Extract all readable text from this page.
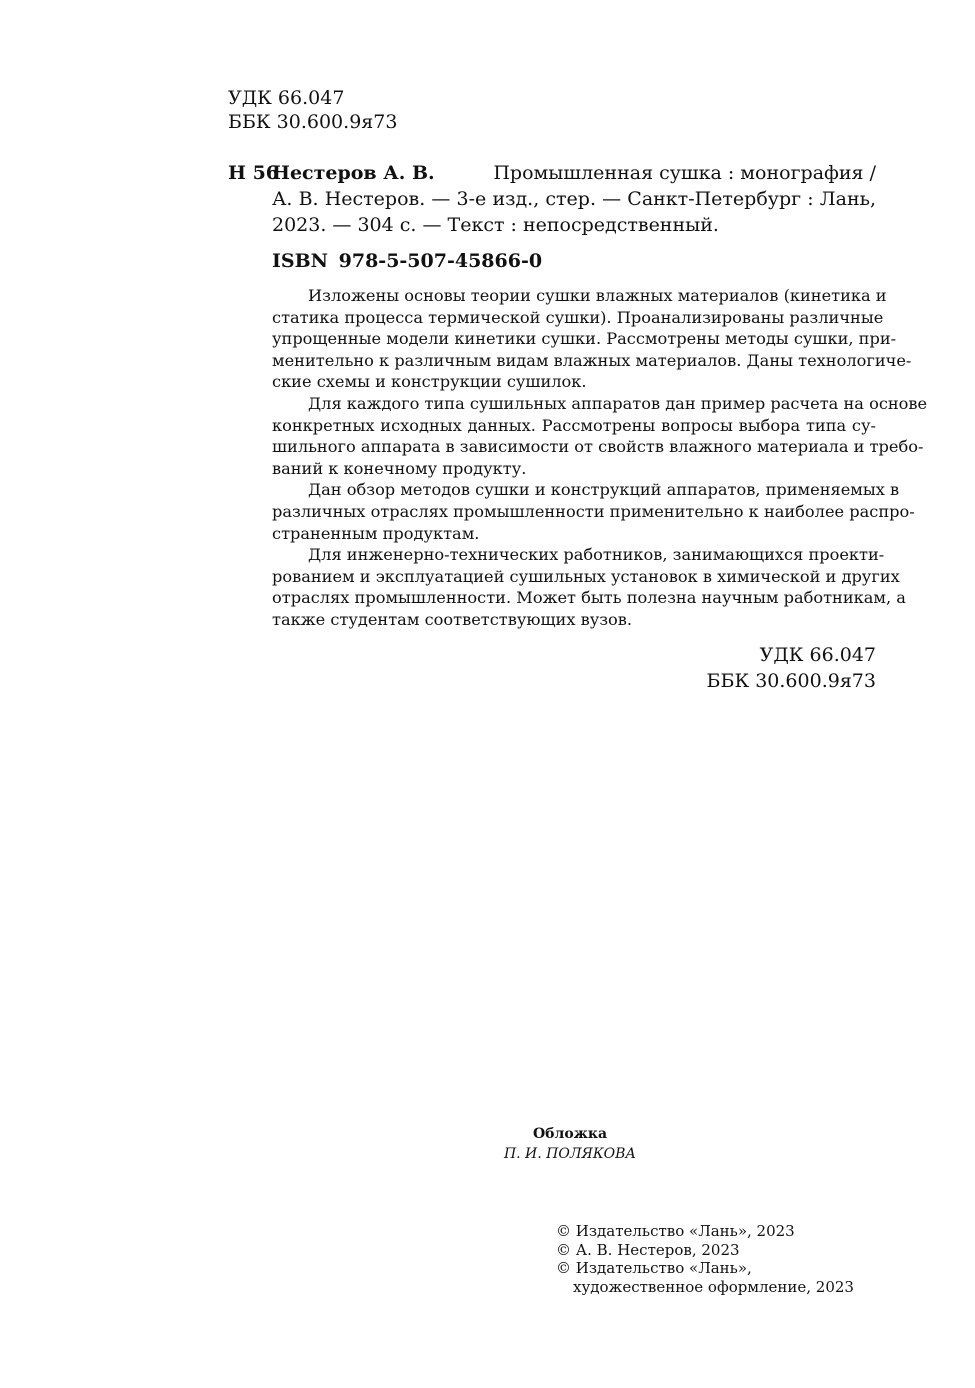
УДК 66.047
ББК 30.600.9я73
Н 56
Нестеров А. В.	Промышленная сушка : монография /
А. В. Нестеров. — 3-е изд., стер. — Санкт-Петербург : Лань,
2023. — 304 с. — Текст : непосредственный.
ISBN 978-5-507-45866-0
Изложены основы теории сушки влажных материалов (кинетика и
статика процесса термической сушки). Проанализированы различные
упрощенные модели кинетики сушки. Рассмотрены методы сушки, при-
менительно к различным видам влажных материалов. Даны технологиче-
ские схемы и конструкции сушилок.
Для каждого типа сушильных аппаратов дан пример расчета на основе
конкретных исходных данных. Рассмотрены вопросы выбора типа су-
шильного аппарата в зависимости от свойств влажного материала и требо-
ваний к конечному продукту.
Дан обзор методов сушки и конструкций аппаратов, применяемых в
различных отраслях промышленности применительно к наиболее распро-
страненным продуктам.
Для инженерно-технических работников, занимающихся проекти-
рованием и эксплуатацией сушильных установок в химической и других
отраслях промышленности. Может быть полезна научным работникам, а
также студентам соответствующих вузов.
УДК 66.047
ББК 30.600.9я73
Обложка
П. И. ПОЛЯКОВА
© Издательство «Лань», 2023
© А. В. Нестеров, 2023
© Издательство «Лань»,
художественное оформление, 2023
